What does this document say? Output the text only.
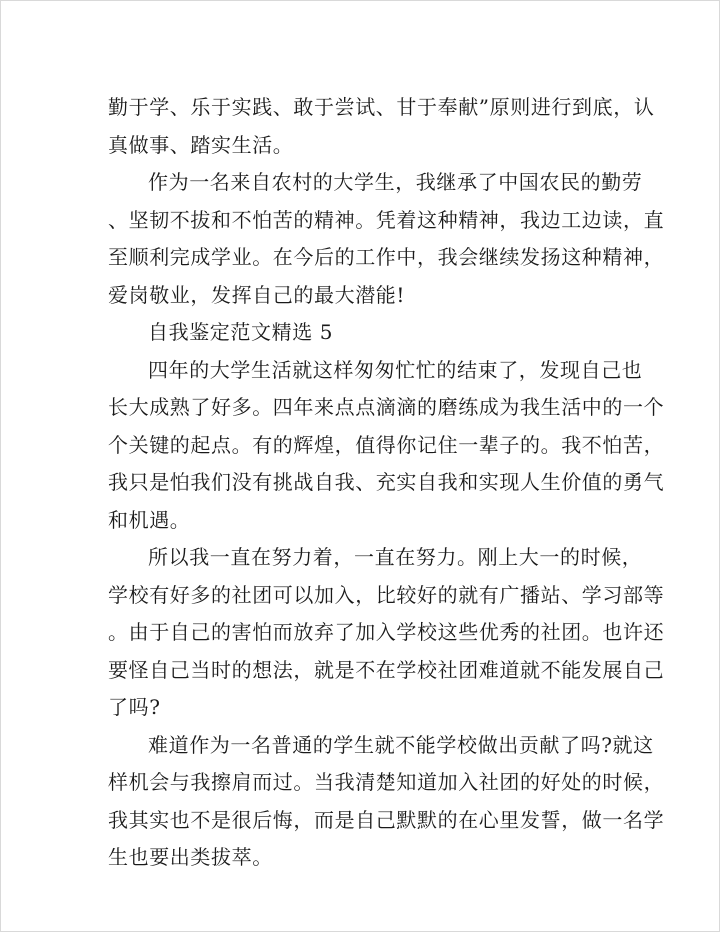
勤于学、乐于实践、敢于尝试、甘于奉献”原则进行到底，认

真做事、踏实生活。

作为一名来自农村的大学生，我继承了中国农民的勤劳

、坚韧不拔和不怕苦的精神。凭着这种精神，我边工边读，直

至顺利完成学业。在今后的工作中，我会继续发扬这种精神，

爱岗敬业，发挥自己的最大潜能!

自我鉴定范文精选 5

四年的大学生活就这样匆匆忙忙的结束了，发现自己也

长大成熟了好多。四年来点点滴滴的磨练成为我生活中的一个

个关键的起点。有的辉煌，值得你记住一辈子的。我不怕苦，

我只是怕我们没有挑战自我、充实自我和实现人生价值的勇气

和机遇。

所以我一直在努力着，一直在努力。刚上大一的时候，

学校有好多的社团可以加入，比较好的就有广播站、学习部等

。由于自己的害怕而放弃了加入学校这些优秀的社团。也许还

要怪自己当时的想法，就是不在学校社团难道就不能发展自己

了吗?

难道作为一名普通的学生就不能学校做出贡献了吗?就这

样机会与我擦肩而过。当我清楚知道加入社团的好处的时候，

我其实也不是很后悔，而是自己默默的在心里发誓，做一名学

生也要出类拔萃。
